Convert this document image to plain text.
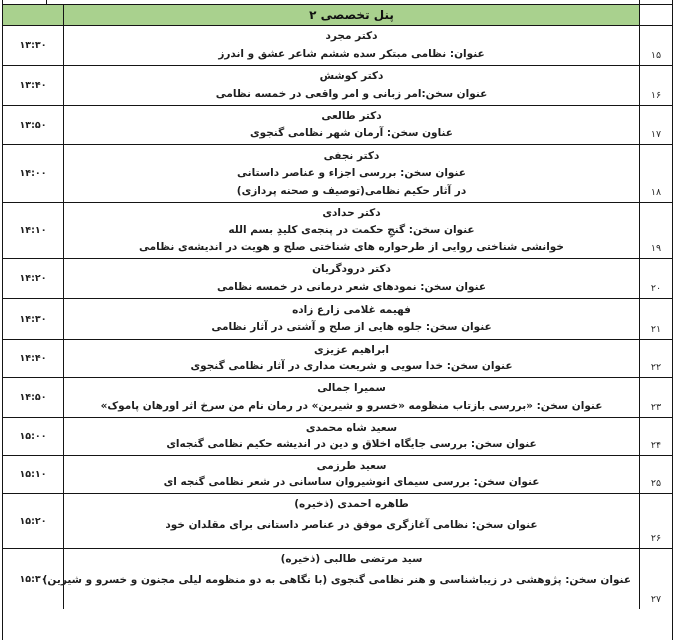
پنل تخصصی ۲
۱۳:۳۰
دکتر مجرد
عنوان: نظامی مبتکر سده ششم شاعر عشق و اندرز	۱۵
۱۳:۴۰
دکتر کوشش
عنوان سخن:امر زبانی و امر واقعی در خمسه نظامی	۱۶
۱۳:۵۰
دکتر طالعی
عناون سخن: آرمان شهر نظامی گنجوی	۱۷
۱۴:۰۰
دکتر نجفی
عنوان سخن: بررسی اجزاء و عناصر داستانی
در آثار حکیم نظامی(توصیف و صحنه پردازی)	۱۸
۱۴:۱۰
دکتر حدادی
عنوان سخن: گنجِ حکمت در پنجه‌ی کلیدِ بسم الله
خوانشی شناختی روایی از طرحواره های شناختی صلح و هویت در اندیشه‌ی نظامی	۱۹
۱۴:۲۰
دکتر درودگریان
عنوان سخن: نمودهای شعر درمانی در خمسه نظامی	۲۰
۱۴:۳۰
فهیمه غلامی زارع زاده
عنوان سخن: جلوه هایی از صلح و آشتی در آثار نظامی	۲۱
۱۴:۴۰
ابراهیم عزیزی
عنوان سخن: خدا سویی و شریعت مداری در آثار نظامی گنجوی	۲۲
۱۴:۵۰
سمیرا جمالی
عنوان سخن: «بررسی بازتاب منظومه «خسرو و شیرین» در رمان نام من سرخ اثر اورهان پاموک»	۲۳
۱۵:۰۰
سعید شاه محمدی
عنوان سخن: بررسی جایگاه اخلاق و دین در اندیشه حکیم نظامی گنجه‌ای	۲۴
۱۵:۱۰
سعید طرزمی
عنوان سخن: بررسی سیمای انوشیروان ساسانی در شعر نظامی گنجه ای	۲۵
۱۵:۲۰
طاهره احمدی (ذخیره)
عنوان سخن: نظامی آغازگری موفق در عناصر داستانی برای مقلدان خود
۲۶
۱۵:۳۰
سید مرتضی طالبی (ذخیره)
عنوان سخن: پژوهشی در زیباشناسی و هنر نظامی گنجوی (با نگاهی به دو منظومه لیلی مجنون و خسرو و شیرین)
۲۷
